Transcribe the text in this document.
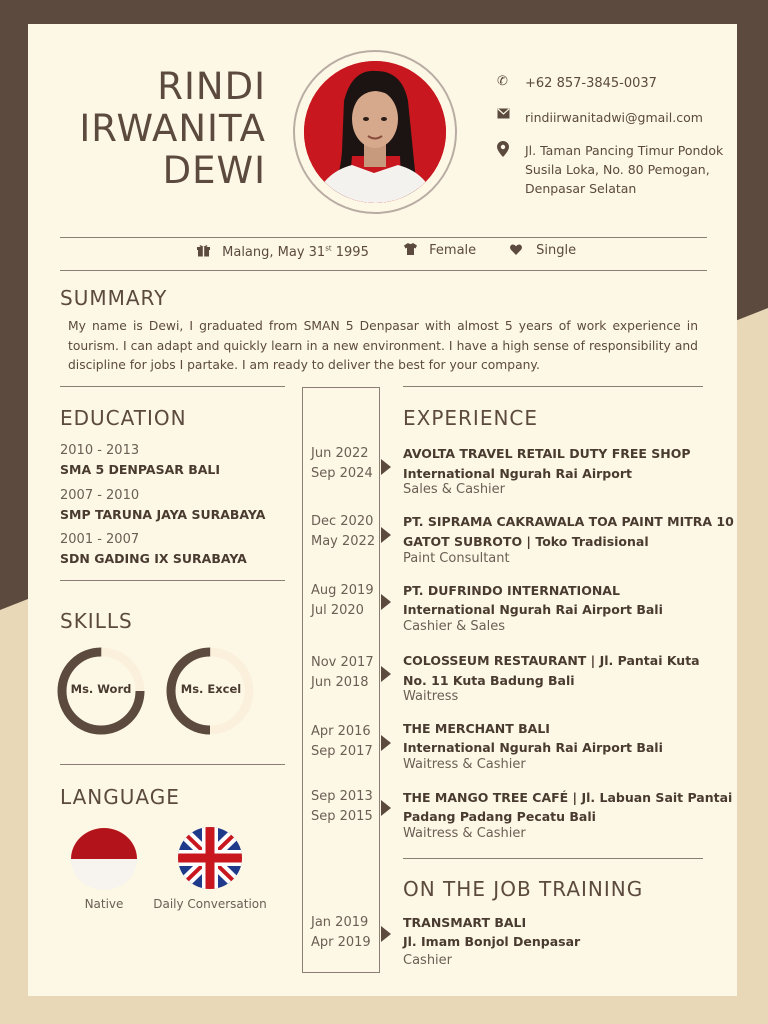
RINDI
IRWANITA
DEWI
✆	+62 857-3845-0037
rindiirwanitadwi@gmail.com
Jl. Taman Pancing Timur Pondok
Susila Loka, No. 80 Pemogan,
Denpasar Selatan
Malang, May 31st 1995	Female	Single
SUMMARY
My name is Dewi, I graduated from SMAN 5 Denpasar with almost 5 years of work experience in tourism. I can adapt and quickly learn in a new environment. I have a high sense of responsibility and discipline for jobs I partake. I am ready to deliver the best for your company.
EDUCATION
2010 - 2013
SMA 5 DENPASAR BALI
2007 - 2010
SMP TARUNA JAYA SURABAYA
2001 - 2007
SDN GADING IX SURABAYA
SKILLS
Ms. Word	Ms. Excel
LANGUAGE
Native	Daily Conversation
EXPERIENCE
Jun 2022
Sep 2024
AVOLTA TRAVEL RETAIL DUTY FREE SHOP
International Ngurah Rai Airport
Sales & Cashier
Dec 2020
May 2022
PT. SIPRAMA CAKRAWALA TOA PAINT MITRA 10
GATOT SUBROTO | Toko Tradisional
Paint Consultant
Aug 2019
Jul 2020
PT. DUFRINDO INTERNATIONAL
International Ngurah Rai Airport Bali
Cashier & Sales
Nov 2017
Jun 2018
COLOSSEUM RESTAURANT | Jl. Pantai Kuta
No. 11 Kuta Badung Bali
Waitress
Apr 2016
Sep 2017
THE MERCHANT BALI
International Ngurah Rai Airport Bali
Waitress & Cashier
Sep 2013
Sep 2015
THE MANGO TREE CAFÉ | Jl. Labuan Sait Pantai
Padang Padang Pecatu Bali
Waitress & Cashier
ON THE JOB TRAINING
Jan 2019
Apr 2019
TRANSMART BALI
Jl. Imam Bonjol Denpasar
Cashier
